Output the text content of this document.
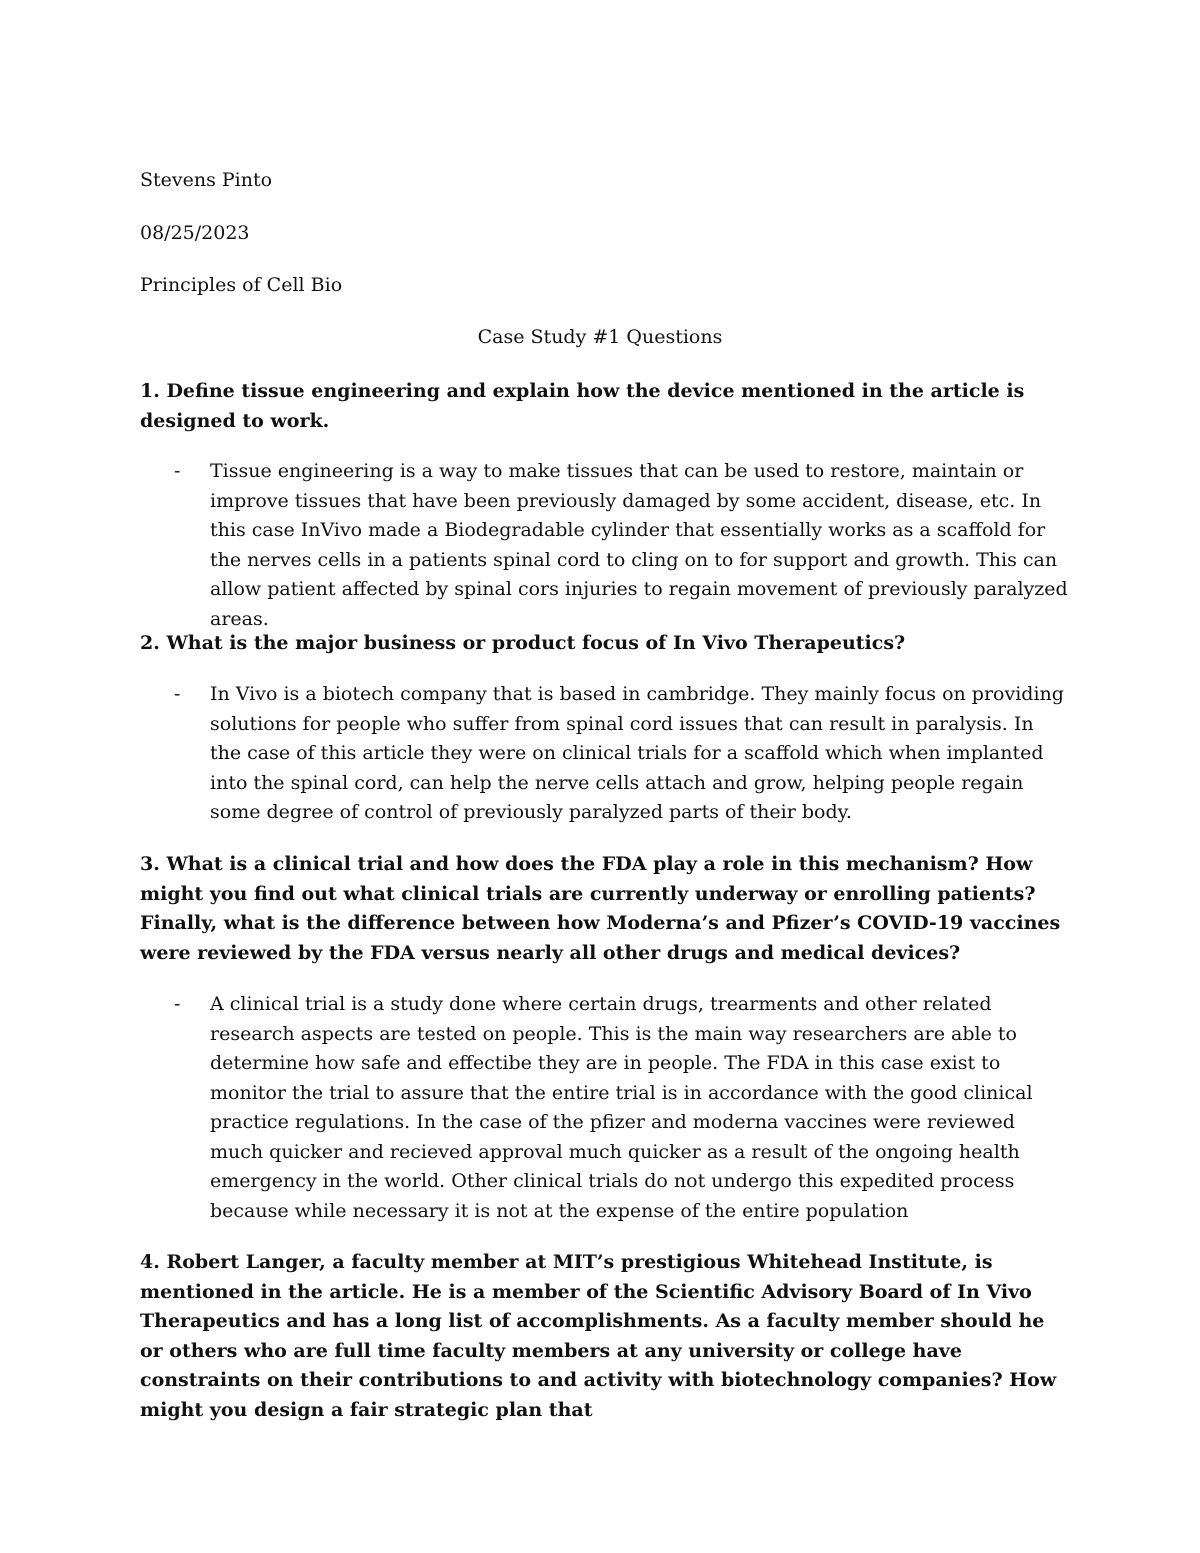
Stevens Pinto
08/25/2023
Principles of Cell Bio
Case Study #1 Questions

1. Define tissue engineering and explain how the device mentioned in the article is designed to work.

- Tissue engineering is a way to make tissues that can be used to restore, maintain or improve tissues that have been previously damaged by some accident, disease, etc. In this case InVivo made a Biodegradable cylinder that essentially works as a scaffold for the nerves cells in a patients spinal cord to cling on to for support and growth. This can allow patient affected by spinal cors injuries to regain movement of previously paralyzed areas.

2. What is the major business or product focus of In Vivo Therapeutics?

- In Vivo is a biotech company that is based in cambridge. They mainly focus on providing solutions for people who suffer from spinal cord issues that can result in paralysis. In the case of this article they were on clinical trials for a scaffold which when implanted into the spinal cord, can help the nerve cells attach and grow, helping people regain some degree of control of previously paralyzed parts of their body.

3. What is a clinical trial and how does the FDA play a role in this mechanism? How might you find out what clinical trials are currently underway or enrolling patients? Finally, what is the difference between how Moderna’s and Pfizer’s COVID-19 vaccines were reviewed by the FDA versus nearly all other drugs and medical devices?

- A clinical trial is a study done where certain drugs, trearments and other related research aspects are tested on people. This is the main way researchers are able to determine how safe and effectibe they are in people. The FDA in this case exist to monitor the trial to assure that the entire trial is in accordance with the good clinical practice regulations. In the case of the pfizer and moderna vaccines were reviewed much quicker and recieved approval much quicker as a result of the ongoing health emergency in the world. Other clinical trials do not undergo this expedited process because while necessary it is not at the expense of the entire population

4. Robert Langer, a faculty member at MIT’s prestigious Whitehead Institute, is mentioned in the article. He is a member of the Scientific Advisory Board of In Vivo Therapeutics and has a long list of accomplishments. As a faculty member should he or others who are full time faculty members at any university or college have constraints on their contributions to and activity with biotechnology companies? How might you design a fair strategic plan that
